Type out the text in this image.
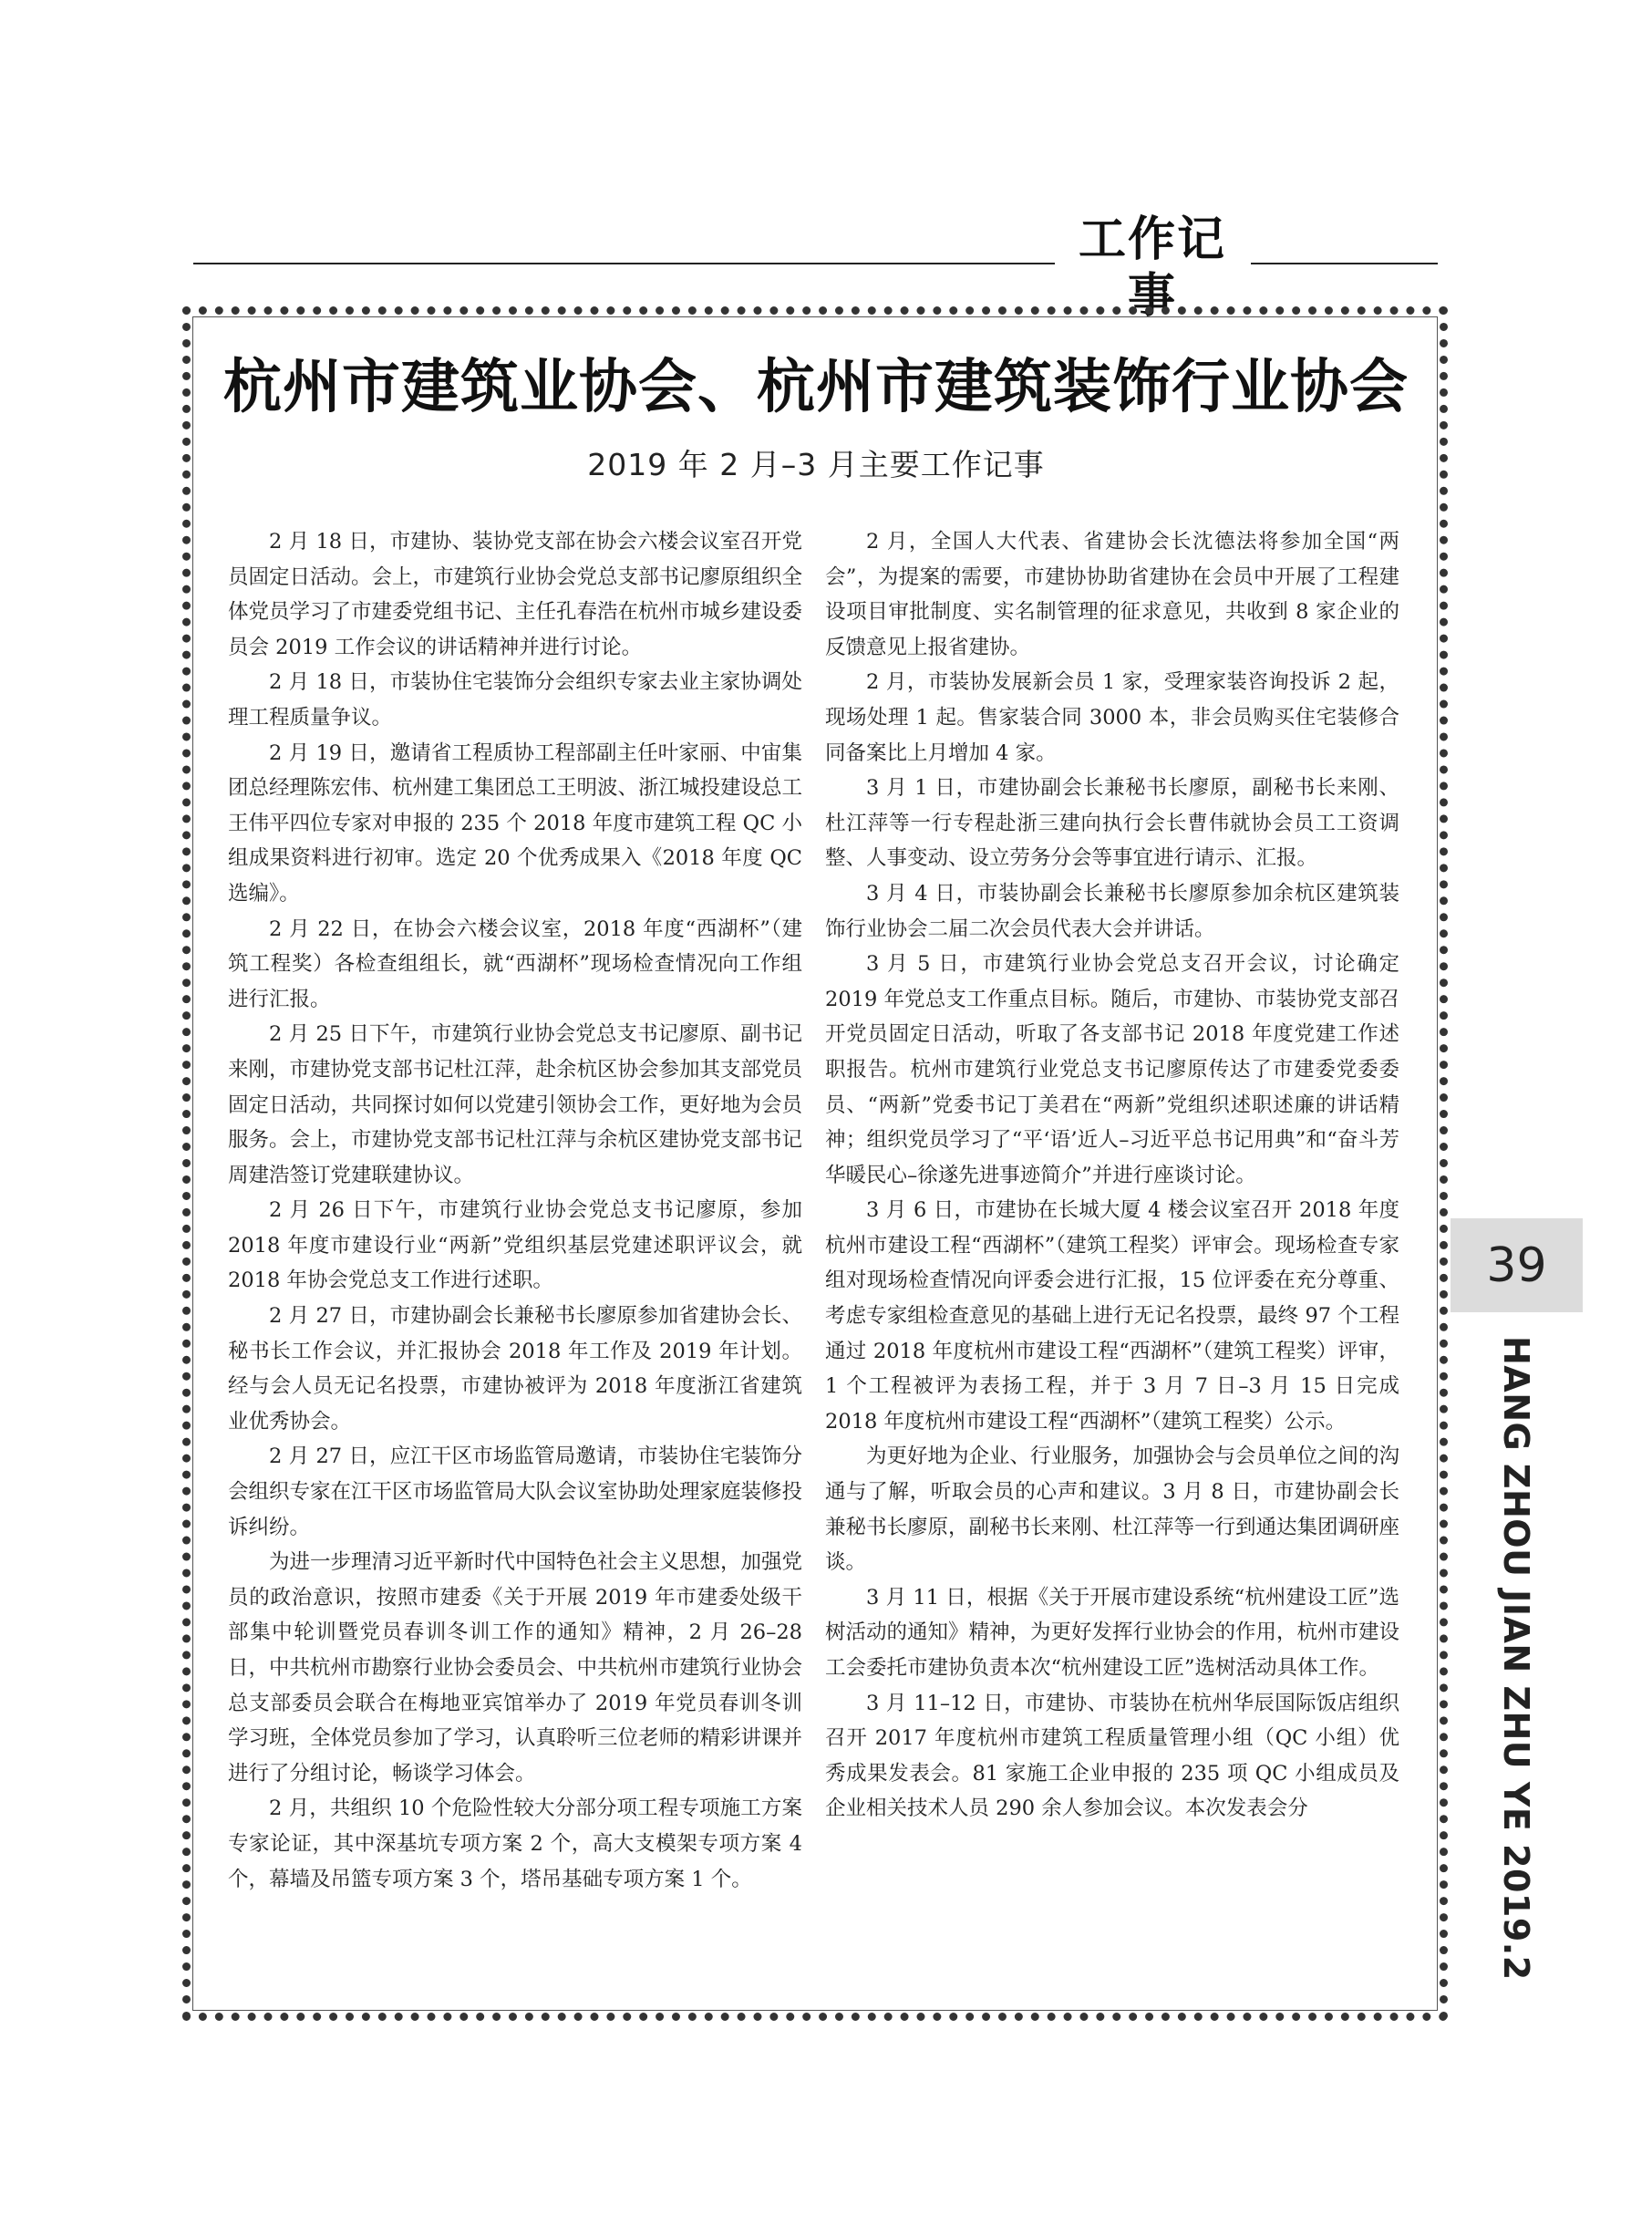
工作记事
杭州市建筑业协会、杭州市建筑装饰行业协会
2019 年 2 月–3 月主要工作记事

2 月 18 日，市建协、装协党支部在协会六楼会议室召开党员固定日活动。会上，市建筑行业协会党总支部书记廖原组织全体党员学习了市建委党组书记、主任孔春浩在杭州市城乡建设委员会 2019 工作会议的讲话精神并进行讨论。

2 月 18 日，市装协住宅装饰分会组织专家去业主家协调处理工程质量争议。

2 月 19 日，邀请省工程质协工程部副主任叶家丽、中宙集团总经理陈宏伟、杭州建工集团总工王明波、浙江城投建设总工王伟平四位专家对申报的 235 个 2018 年度市建筑工程 QC 小组成果资料进行初审。选定 20 个优秀成果入《2018 年度 QC 选编》。

2 月 22 日，在协会六楼会议室，2018 年度“西湖杯”（建筑工程奖）各检查组组长，就“西湖杯”现场检查情况向工作组进行汇报。

2 月 25 日下午，市建筑行业协会党总支书记廖原、副书记来刚，市建协党支部书记杜江萍，赴余杭区协会参加其支部党员固定日活动，共同探讨如何以党建引领协会工作，更好地为会员服务。会上，市建协党支部书记杜江萍与余杭区建协党支部书记周建浩签订党建联建协议。

2 月 26 日下午，市建筑行业协会党总支书记廖原，参加 2018 年度市建设行业“两新”党组织基层党建述职评议会，就 2018 年协会党总支工作进行述职。

2 月 27 日，市建协副会长兼秘书长廖原参加省建协会长、秘书长工作会议，并汇报协会 2018 年工作及 2019 年计划。经与会人员无记名投票，市建协被评为 2018 年度浙江省建筑业优秀协会。

2 月 27 日，应江干区市场监管局邀请，市装协住宅装饰分会组织专家在江干区市场监管局大队会议室协助处理家庭装修投诉纠纷。

为进一步理清习近平新时代中国特色社会主义思想，加强党员的政治意识，按照市建委《关于开展 2019 年市建委处级干部集中轮训暨党员春训冬训工作的通知》精神，2 月 26–28 日，中共杭州市勘察行业协会委员会、中共杭州市建筑行业协会总支部委员会联合在梅地亚宾馆举办了 2019 年党员春训冬训学习班，全体党员参加了学习，认真聆听三位老师的精彩讲课并进行了分组讨论，畅谈学习体会。

2 月，共组织 10 个危险性较大分部分项工程专项施工方案专家论证，其中深基坑专项方案 2 个，高大支模架专项方案 4 个，幕墙及吊篮专项方案 3 个，塔吊基础专项方案 1 个。

2 月，全国人大代表、省建协会长沈德法将参加全国“两会”，为提案的需要，市建协协助省建协在会员中开展了工程建设项目审批制度、实名制管理的征求意见，共收到 8 家企业的反馈意见上报省建协。

2 月，市装协发展新会员 1 家，受理家装咨询投诉 2 起，现场处理 1 起。售家装合同 3000 本，非会员购买住宅装修合同备案比上月增加 4 家。

3 月 1 日，市建协副会长兼秘书长廖原，副秘书长来刚、杜江萍等一行专程赴浙三建向执行会长曹伟就协会员工工资调整、人事变动、设立劳务分会等事宜进行请示、汇报。

3 月 4 日，市装协副会长兼秘书长廖原参加余杭区建筑装饰行业协会二届二次会员代表大会并讲话。

3 月 5 日，市建筑行业协会党总支召开会议，讨论确定 2019 年党总支工作重点目标。随后，市建协、市装协党支部召开党员固定日活动，听取了各支部书记 2018 年度党建工作述职报告。杭州市建筑行业党总支书记廖原传达了市建委党委委员、“两新”党委书记丁美君在“两新”党组织述职述廉的讲话精神；组织党员学习了“平‘语’近人–习近平总书记用典”和“奋斗芳华暖民心–徐遂先进事迹简介”并进行座谈讨论。

3 月 6 日，市建协在长城大厦 4 楼会议室召开 2018 年度杭州市建设工程“西湖杯”（建筑工程奖）评审会。现场检查专家组对现场检查情况向评委会进行汇报，15 位评委在充分尊重、考虑专家组检查意见的基础上进行无记名投票，最终 97 个工程通过 2018 年度杭州市建设工程“西湖杯”（建筑工程奖）评审，1 个工程被评为表扬工程，并于 3 月 7 日–3 月 15 日完成 2018 年度杭州市建设工程“西湖杯”（建筑工程奖）公示。

为更好地为企业、行业服务，加强协会与会员单位之间的沟通与了解，听取会员的心声和建议。3 月 8 日，市建协副会长兼秘书长廖原，副秘书长来刚、杜江萍等一行到通达集团调研座谈。

3 月 11 日，根据《关于开展市建设系统“杭州建设工匠”选树活动的通知》精神，为更好发挥行业协会的作用，杭州市建设工会委托市建协负责本次“杭州建设工匠”选树活动具体工作。

3 月 11–12 日，市建协、市装协在杭州华辰国际饭店组织召开 2017 年度杭州市建筑工程质量管理小组（QC 小组）优秀成果发表会。81 家施工企业申报的 235 项 QC 小组成员及企业相关技术人员 290 余人参加会议。本次发表会分

39
HANG ZHOU JIAN ZHU YE 2019.2
